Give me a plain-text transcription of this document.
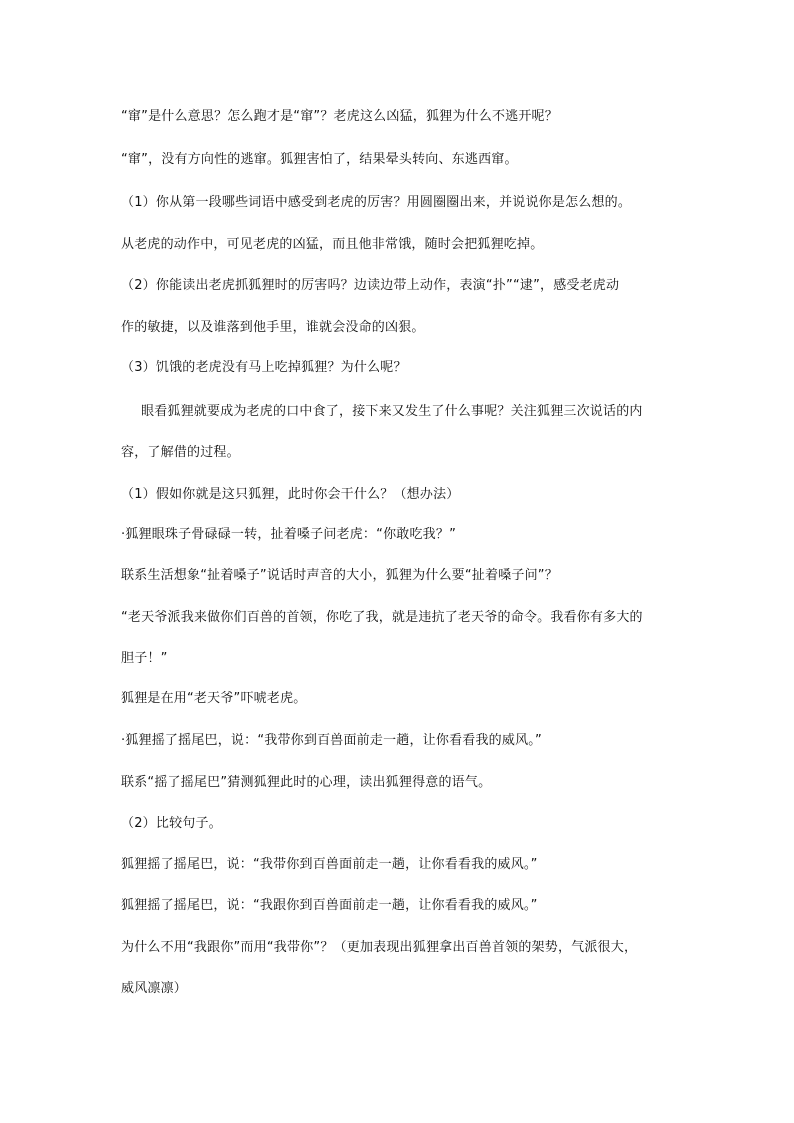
“窜”是什么意思？怎么跑才是“窜”？老虎这么凶猛，狐狸为什么不逃开呢？
“窜”，没有方向性的逃窜。狐狸害怕了，结果晕头转向、东逃西窜。
（1）你从第一段哪些词语中感受到老虎的厉害？用圆圈圈出来，并说说你是怎么想的。
从老虎的动作中，可见老虎的凶猛，而且他非常饿，随时会把狐狸吃掉。
（2）你能读出老虎抓狐狸时的厉害吗？边读边带上动作，表演“扑”“逮”，感受老虎动
作的敏捷，以及谁落到他手里，谁就会没命的凶狠。
（3）饥饿的老虎没有马上吃掉狐狸？为什么呢？
眼看狐狸就要成为老虎的口中食了，接下来又发生了什么事呢？关注狐狸三次说话的内
容，了解借的过程。
（1）假如你就是这只狐狸，此时你会干什么？（想办法）
·狐狸眼珠子骨碌碌一转，扯着嗓子问老虎：“你敢吃我？”
联系生活想象“扯着嗓子”说话时声音的大小，狐狸为什么要“扯着嗓子问”？
“老天爷派我来做你们百兽的首领，你吃了我，就是违抗了老天爷的命令。我看你有多大的
胆子！”
狐狸是在用“老天爷”吓唬老虎。
·狐狸摇了摇尾巴，说：“我带你到百兽面前走一趟，让你看看我的威风。”
联系“摇了摇尾巴”猜测狐狸此时的心理，读出狐狸得意的语气。
（2）比较句子。
狐狸摇了摇尾巴，说：“我带你到百兽面前走一趟，让你看看我的威风。”
狐狸摇了摇尾巴，说：“我跟你到百兽面前走一趟，让你看看我的威风。”
为什么不用“我跟你”而用“我带你”？（更加表现出狐狸拿出百兽首领的架势，气派很大，
威风凛凛）
